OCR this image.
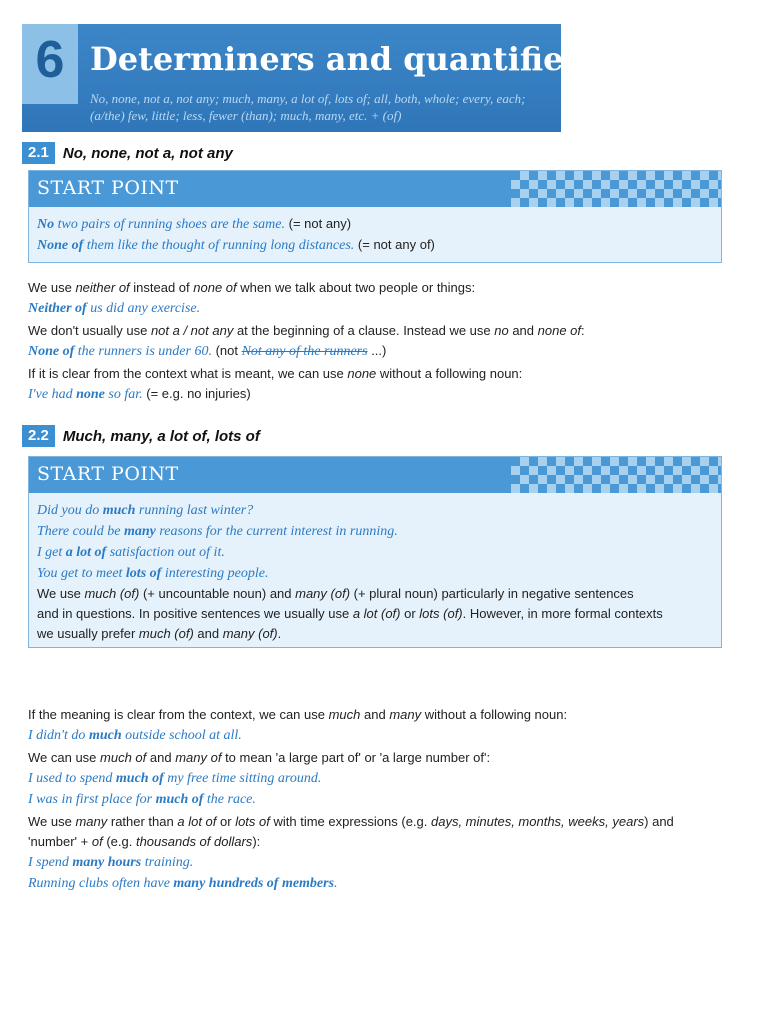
6 Determiners and quantifiers
No, none, not a, not any; much, many, a lot of, lots of; all, both, whole; every, each; (a/the) few, little; less, fewer (than); much, many, etc. + (of)
2.1 No, none, not a, not any
START POINT
No two pairs of running shoes are the same. (= not any)
None of them like the thought of running long distances. (= not any of)
We use neither of instead of none of when we talk about two people or things:
Neither of us did any exercise.
We don't usually use not a / not any at the beginning of a clause. Instead we use no and none of:
None of the runners is under 60. (not Not any of the runners ...)
If it is clear from the context what is meant, we can use none without a following noun:
I've had none so far. (= e.g. no injuries)
2.2 Much, many, a lot of, lots of
START POINT
Did you do much running last winter?
There could be many reasons for the current interest in running.
I get a lot of satisfaction out of it.
You get to meet lots of interesting people.
We use much (of) (+ uncountable noun) and many (of) (+ plural noun) particularly in negative sentences
and in questions. In positive sentences we usually use a lot (of) or lots (of). However, in more formal contexts
we usually prefer much (of) and many (of).
If the meaning is clear from the context, we can use much and many without a following noun:
I didn't do much outside school at all.
We can use much of and many of to mean 'a large part of' or 'a large number of':
I used to spend much of my free time sitting around.
I was in first place for much of the race.
We use many rather than a lot of or lots of with time expressions (e.g. days, minutes, months, weeks, years) and
'number' + of (e.g. thousands of dollars):
I spend many hours training.
Running clubs often have many hundreds of members.
